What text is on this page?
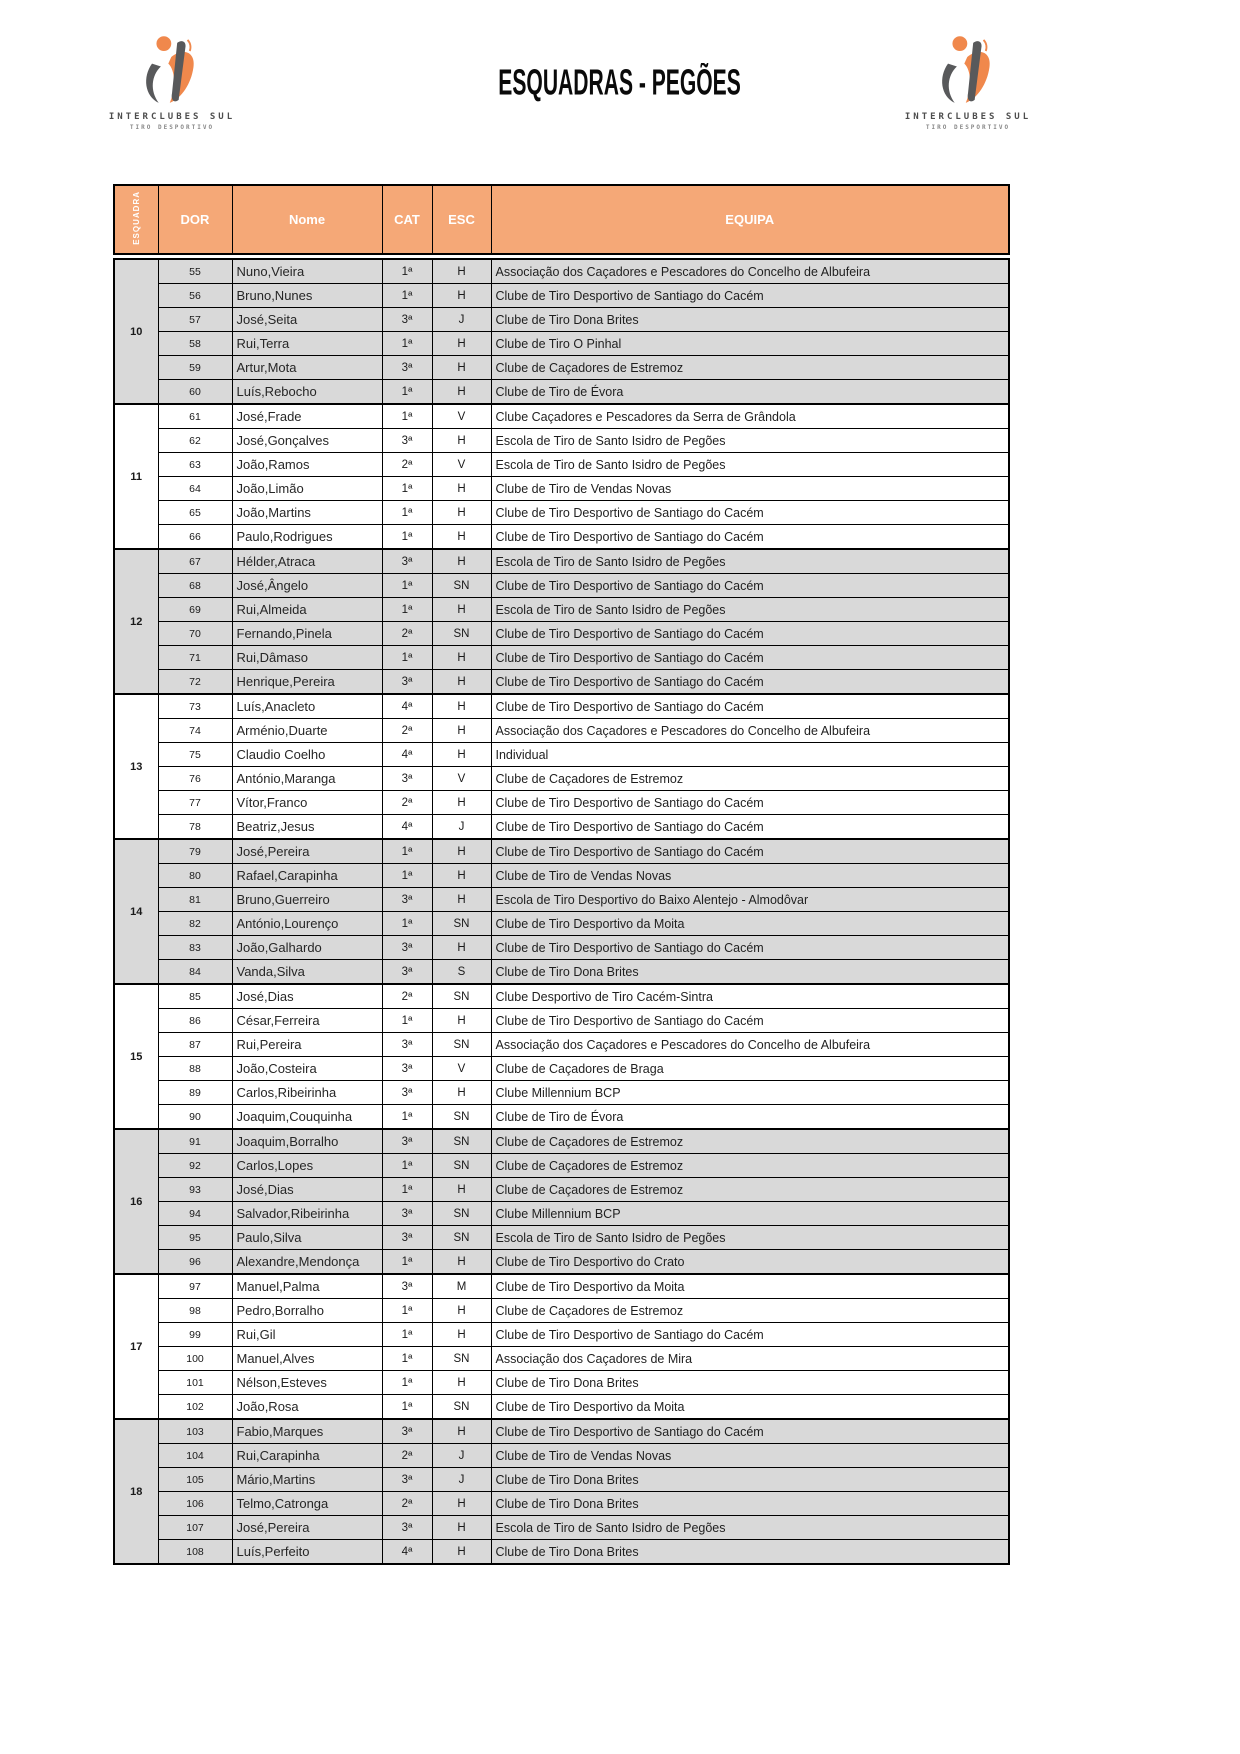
INTERCLUBES SUL
TIRO DESPORTIVO
ESQUADRAS - PEGÕES
INTERCLUBES SUL
TIRO DESPORTIVO
ESQUADRA	DOR	Nome	CAT	ESC	EQUIPA
10	55	Nuno,Vieira	1ª	H	Associação dos Caçadores e Pescadores do Concelho de Albufeira
	56	Bruno,Nunes	1ª	H	Clube de Tiro Desportivo de Santiago do Cacém
	57	José,Seita	3ª	J	Clube de Tiro Dona Brites
	58	Rui,Terra	1ª	H	Clube de Tiro O Pinhal
	59	Artur,Mota	3ª	H	Clube de Caçadores de Estremoz
	60	Luís,Rebocho	1ª	H	Clube de Tiro de Évora
11	61	José,Frade	1ª	V	Clube Caçadores e Pescadores da Serra de Grândola
	62	José,Gonçalves	3ª	H	Escola de Tiro de Santo Isidro de Pegões
	63	João,Ramos	2ª	V	Escola de Tiro de Santo Isidro de Pegões
	64	João,Limão	1ª	H	Clube de Tiro de Vendas Novas
	65	João,Martins	1ª	H	Clube de Tiro Desportivo de Santiago do Cacém
	66	Paulo,Rodrigues	1ª	H	Clube de Tiro Desportivo de Santiago do Cacém
12	67	Hélder,Atraca	3ª	H	Escola de Tiro de Santo Isidro de Pegões
	68	José,Ângelo	1ª	SN	Clube de Tiro Desportivo de Santiago do Cacém
	69	Rui,Almeida	1ª	H	Escola de Tiro de Santo Isidro de Pegões
	70	Fernando,Pinela	2ª	SN	Clube de Tiro Desportivo de Santiago do Cacém
	71	Rui,Dâmaso	1ª	H	Clube de Tiro Desportivo de Santiago do Cacém
	72	Henrique,Pereira	3ª	H	Clube de Tiro Desportivo de Santiago do Cacém
13	73	Luís,Anacleto	4ª	H	Clube de Tiro Desportivo de Santiago do Cacém
	74	Arménio,Duarte	2ª	H	Associação dos Caçadores e Pescadores do Concelho de Albufeira
	75	Claudio Coelho	4ª	H	Individual
	76	António,Maranga	3ª	V	Clube de Caçadores de Estremoz
	77	Vítor,Franco	2ª	H	Clube de Tiro Desportivo de Santiago do Cacém
	78	Beatriz,Jesus	4ª	J	Clube de Tiro Desportivo de Santiago do Cacém
14	79	José,Pereira	1ª	H	Clube de Tiro Desportivo de Santiago do Cacém
	80	Rafael,Carapinha	1ª	H	Clube de Tiro de Vendas Novas
	81	Bruno,Guerreiro	3ª	H	Escola de Tiro Desportivo do Baixo Alentejo - Almodôvar
	82	António,Lourenço	1ª	SN	Clube de Tiro Desportivo da Moita
	83	João,Galhardo	3ª	H	Clube de Tiro Desportivo de Santiago do Cacém
	84	Vanda,Silva	3ª	S	Clube de Tiro Dona Brites
15	85	José,Dias	2ª	SN	Clube Desportivo de Tiro Cacém-Sintra
	86	César,Ferreira	1ª	H	Clube de Tiro Desportivo de Santiago do Cacém
	87	Rui,Pereira	3ª	SN	Associação dos Caçadores e Pescadores do Concelho de Albufeira
	88	João,Costeira	3ª	V	Clube de Caçadores de Braga
	89	Carlos,Ribeirinha	3ª	H	Clube Millennium BCP
	90	Joaquim,Couquinha	1ª	SN	Clube de Tiro de Évora
16	91	Joaquim,Borralho	3ª	SN	Clube de Caçadores de Estremoz
	92	Carlos,Lopes	1ª	SN	Clube de Caçadores de Estremoz
	93	José,Dias	1ª	H	Clube de Caçadores de Estremoz
	94	Salvador,Ribeirinha	3ª	SN	Clube Millennium BCP
	95	Paulo,Silva	3ª	SN	Escola de Tiro de Santo Isidro de Pegões
	96	Alexandre,Mendonça	1ª	H	Clube de Tiro Desportivo do Crato
17	97	Manuel,Palma	3ª	M	Clube de Tiro Desportivo da Moita
	98	Pedro,Borralho	1ª	H	Clube de Caçadores de Estremoz
	99	Rui,Gil	1ª	H	Clube de Tiro Desportivo de Santiago do Cacém
	100	Manuel,Alves	1ª	SN	Associação dos Caçadores de Mira
	101	Nélson,Esteves	1ª	H	Clube de Tiro Dona Brites
	102	João,Rosa	1ª	SN	Clube de Tiro Desportivo da Moita
18	103	Fabio,Marques	3ª	H	Clube de Tiro Desportivo de Santiago do Cacém
	104	Rui,Carapinha	2ª	J	Clube de Tiro de Vendas Novas
	105	Mário,Martins	3ª	J	Clube de Tiro Dona Brites
	106	Telmo,Catronga	2ª	H	Clube de Tiro Dona Brites
	107	José,Pereira	3ª	H	Escola de Tiro de Santo Isidro de Pegões
	108	Luís,Perfeito	4ª	H	Clube de Tiro Dona Brites
